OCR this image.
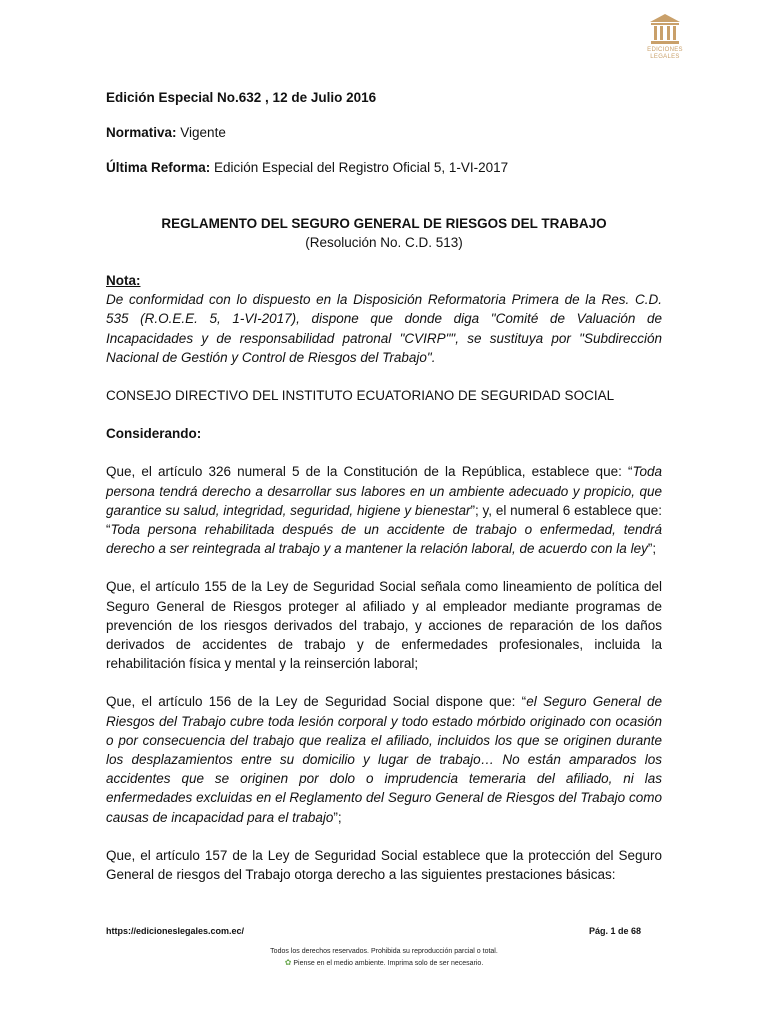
EDICIONES
LEGALES
Edición Especial No.632 , 12 de Julio 2016
Normativa: Vigente
Última Reforma: Edición Especial del Registro Oficial 5, 1-VI-2017
REGLAMENTO DEL SEGURO GENERAL DE RIESGOS DEL TRABAJO
(Resolución No. C.D. 513)
Nota:
De conformidad con lo dispuesto en la Disposición Reformatoria Primera de la Res. C.D. 535 (R.O.E.E. 5, 1-VI-2017), dispone que donde diga "Comité de Valuación de Incapacidades y de responsabilidad patronal "CVIRP"", se sustituya por "Subdirección Nacional de Gestión y Control de Riesgos del Trabajo".

CONSEJO DIRECTIVO DEL INSTITUTO ECUATORIANO DE SEGURIDAD SOCIAL

Considerando:

Que, el artículo 326 numeral 5 de la Constitución de la República, establece que: “Toda persona tendrá derecho a desarrollar sus labores en un ambiente adecuado y propicio, que garantice su salud, integridad, seguridad, higiene y bienestar”; y, el numeral 6 establece que: “Toda persona rehabilitada después de un accidente de trabajo o enfermedad, tendrá derecho a ser reintegrada al trabajo y a mantener la relación laboral, de acuerdo con la ley”;

Que, el artículo 155 de la Ley de Seguridad Social señala como lineamiento de política del Seguro General de Riesgos proteger al afiliado y al empleador mediante programas de prevención de los riesgos derivados del trabajo, y acciones de reparación de los daños derivados de accidentes de trabajo y de enfermedades profesionales, incluida la rehabilitación física y mental y la reinserción laboral;

Que, el artículo 156 de la Ley de Seguridad Social dispone que: “el Seguro General de Riesgos del Trabajo cubre toda lesión corporal y todo estado mórbido originado con ocasión o por consecuencia del trabajo que realiza el afiliado, incluidos los que se originen durante los desplazamientos entre su domicilio y lugar de trabajo… No están amparados los accidentes que se originen por dolo o imprudencia temeraria del afiliado, ni las enfermedades excluidas en el Reglamento del Seguro General de Riesgos del Trabajo como causas de incapacidad para el trabajo”;

Que, el artículo 157 de la Ley de Seguridad Social establece que la protección del Seguro General de riesgos del Trabajo otorga derecho a las siguientes prestaciones básicas:

https://edicioneslegales.com.ec/	Pág. 1 de 68
Todos los derechos reservados. Prohibida su reproducción parcial o total.
✿ Piense en el medio ambiente. Imprima solo de ser necesario.
